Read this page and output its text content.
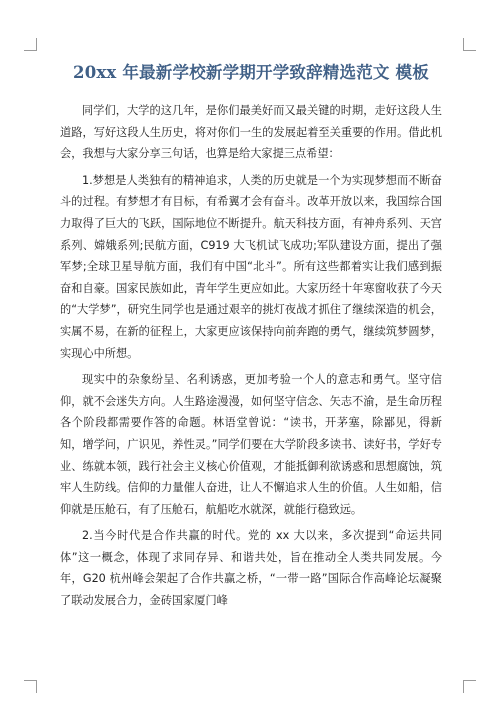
20xx 年最新学校新学期开学致辞精选范文 模板

同学们，大学的这几年，是你们最美好而又最关键的时期，走好这段人生道路，写好这段人生历史，将对你们一生的发展起着至关重要的作用。借此机会，我想与大家分享三句话，也算是给大家提三点希望：

1.梦想是人类独有的精神追求，人类的历史就是一个为实现梦想而不断奋斗的过程。有梦想才有目标，有希翼才会有奋斗。改革开放以来，我国综合国力取得了巨大的飞跃，国际地位不断提升。航天科技方面，有神舟系列、天宫系列、嫦娥系列;民航方面，C919 大飞机试飞成功;军队建设方面，提出了强军梦;全球卫星导航方面，我们有中国“北斗”。所有这些都着实让我们感到振奋和自豪。国家民族如此，青年学生更应如此。大家历经十年寒窗收获了今天的“大学梦”，研究生同学也是通过艰辛的挑灯夜战才抓住了继续深造的机会，实属不易，在新的征程上，大家更应该保持向前奔跑的勇气，继续筑梦圆梦，实现心中所想。

现实中的杂象纷呈、名利诱惑，更加考验一个人的意志和勇气。坚守信仰，就不会迷失方向。人生路途漫漫，如何坚守信念、矢志不渝，是生命历程各个阶段都需要作答的命题。林语堂曾说：“读书，开茅塞，除鄙见，得新知，增学问，广识见，养性灵。”同学们要在大学阶段多读书、读好书，学好专业、练就本领，践行社会主义核心价值观，才能抵御利欲诱惑和思想腐蚀，筑牢人生防线。信仰的力量催人奋进，让人不懈追求人生的价值。人生如船，信仰就是压舱石，有了压舱石，航船吃水就深，就能行稳致远。

2.当今时代是合作共赢的时代。党的 xx 大以来，多次提到“命运共同体”这一概念，体现了求同存异、和谐共处，旨在推动全人类共同发展。今年，G20 杭州峰会架起了合作共赢之桥，“一带一路”国际合作高峰论坛凝聚了联动发展合力，金砖国家厦门峰
